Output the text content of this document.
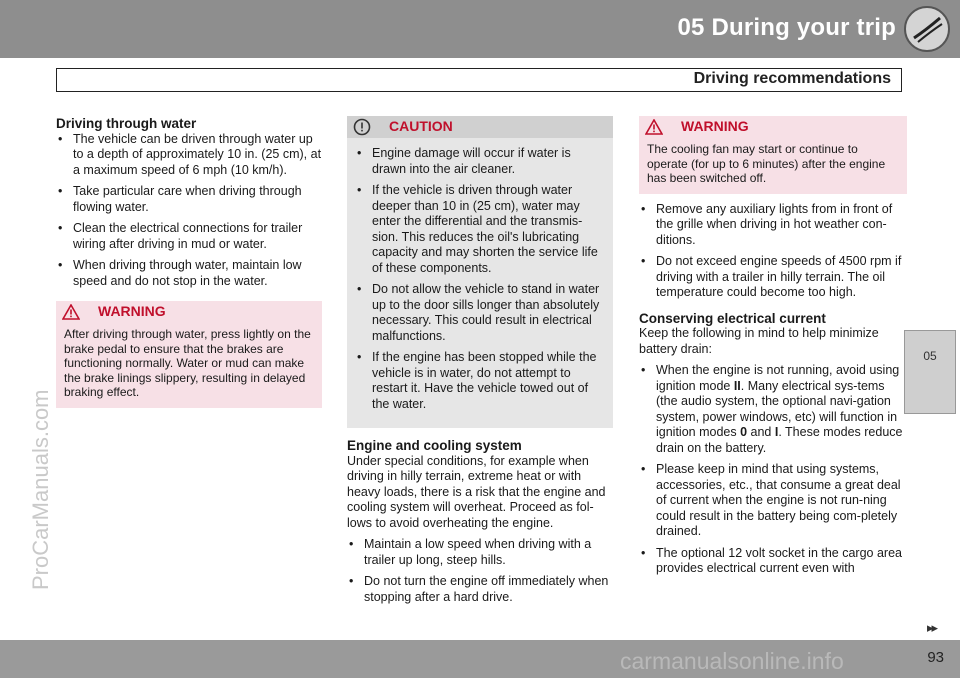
05 During your trip
Driving recommendations
ProCarManuals.com
05

Driving through water

• The vehicle can be driven through water up to a depth of approximately 10 in. (25 cm), at a maximum speed of 6 mph (10 km/h).
• Take particular care when driving through flowing water.
• Clean the electrical connections for trailer wiring after driving in mud or water.
• When driving through water, maintain low speed and do not stop in the water.
WARNING
After driving through water, press lightly on the brake pedal to ensure that the brakes are functioning normally. Water or mud can make the brake linings slippery, resulting in delayed braking effect.
CAUTION
• Engine damage will occur if water is drawn into the air cleaner.
• If the vehicle is driven through water deeper than 10 in (25 cm), water may enter the differential and the transmis-sion. This reduces the oil's lubricating capacity and may shorten the service life of these components.
• Do not allow the vehicle to stand in water up to the door sills longer than absolutely necessary. This could result in electrical malfunctions.
• If the engine has been stopped while the vehicle is in water, do not attempt to restart it. Have the vehicle towed out of the water.

Engine and cooling system

Under special conditions, for example when driving in hilly terrain, extreme heat or with heavy loads, there is a risk that the engine and cooling system will overheat. Proceed as fol-lows to avoid overheating the engine.

• Maintain a low speed when driving with a trailer up long, steep hills.
• Do not turn the engine off immediately when stopping after a hard drive.
WARNING
The cooling fan may start or continue to operate (for up to 6 minutes) after the engine has been switched off.
• Remove any auxiliary lights from in front of the grille when driving in hot weather con-ditions.
• Do not exceed engine speeds of 4500 rpm if driving with a trailer in hilly terrain. The oil temperature could become too high.

Conserving electrical current

Keep the following in mind to help minimize battery drain:

• When the engine is not running, avoid using ignition mode II. Many electrical sys-tems (the audio system, the optional navi-gation system, power windows, etc) will function in ignition modes 0 and I. These modes reduce drain on the battery.
• Please keep in mind that using systems, accessories, etc., that consume a great deal of current when the engine is not run-ning could result in the battery being com-pletely drained.
• The optional 12 volt socket in the cargo area provides electrical current even with
▸▸
carmanualsonline.info	93
